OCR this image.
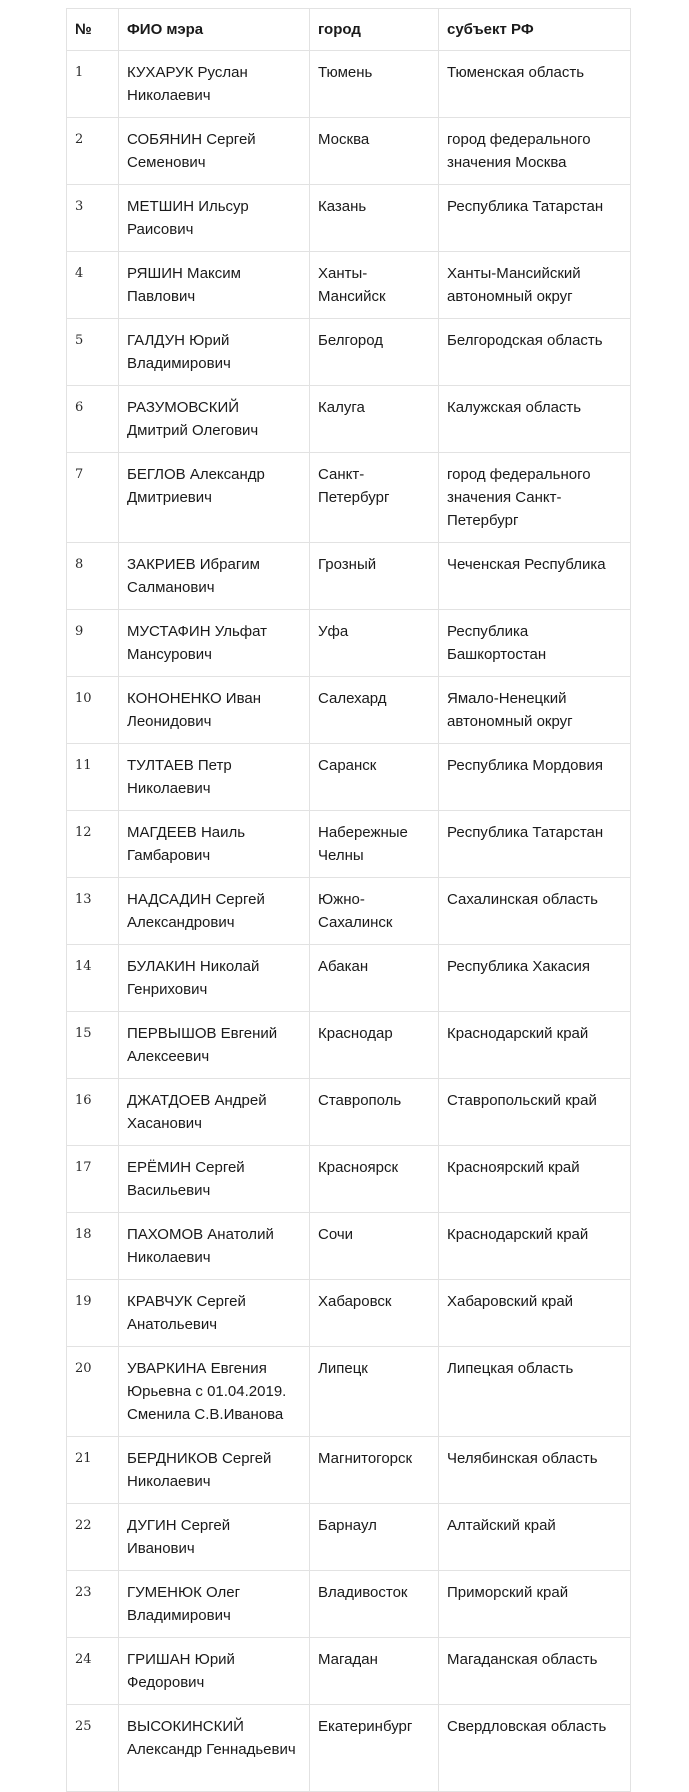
№	ФИО мэра	город	субъект РФ
1	КУХАРУК Руслан Николаевич	Тюмень	Тюменская область
2	СОБЯНИН Сергей Семенович	Москва	город федерального значения Москва
3	МЕТШИН Ильсур Раисович	Казань	Республика Татарстан
4	РЯШИН Максим Павлович	Ханты-Мансийск	Ханты-Мансийский автономный округ
5	ГАЛДУН Юрий Владимирович	Белгород	Белгородская область
6	РАЗУМОВСКИЙ Дмитрий Олегович	Калуга	Калужская область
7	БЕГЛОВ Александр Дмитриевич	Санкт-Петербург	город федерального значения Санкт-Петербург
8	ЗАКРИЕВ Ибрагим Салманович	Грозный	Чеченская Республика
9	МУСТАФИН Ульфат Мансурович	Уфа	Республика Башкортостан
10	КОНОНЕНКО Иван Леонидович	Салехард	Ямало-Ненецкий автономный округ
11	ТУЛТАЕВ Петр Николаевич	Саранск	Республика Мордовия
12	МАГДЕЕВ Наиль Гамбарович	Набережные Челны	Республика Татарстан
13	НАДСАДИН Сергей Александрович	Южно-Сахалинск	Сахалинская область
14	БУЛАКИН Николай Генрихович	Абакан	Республика Хакасия
15	ПЕРВЫШОВ Евгений Алексеевич	Краснодар	Краснодарский край
16	ДЖАТДОЕВ Андрей Хасанович	Ставрополь	Ставропольский край
17	ЕРЁМИН Сергей Васильевич	Красноярск	Красноярский край
18	ПАХОМОВ Анатолий Николаевич	Сочи	Краснодарский край
19	КРАВЧУК Сергей Анатольевич	Хабаровск	Хабаровский край
20	УВАРКИНА Евгения Юрьевна с 01.04.2019. Сменила С.В.Иванова	Липецк	Липецкая область
21	БЕРДНИКОВ Сергей Николаевич	Магнитогорск	Челябинская область
22	ДУГИН Сергей Иванович	Барнаул	Алтайский край
23	ГУМЕНЮК Олег Владимирович	Владивосток	Приморский край
24	ГРИШАН Юрий Федорович	Магадан	Магаданская область
25	ВЫСОКИНСКИЙ Александр Геннадьевич	Екатеринбург	Свердловская область
